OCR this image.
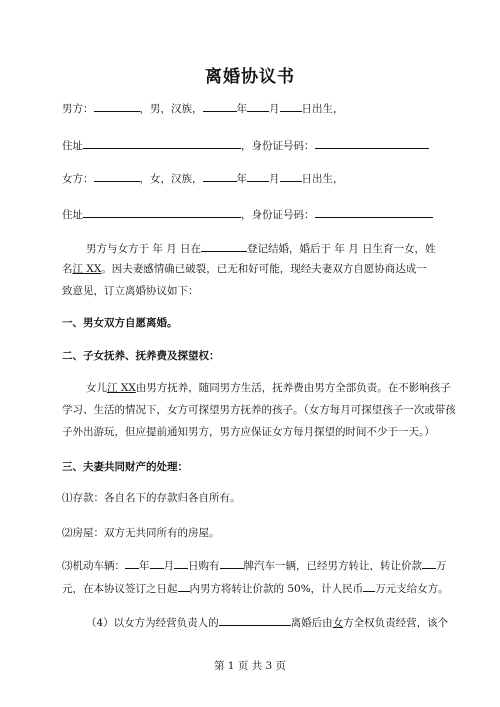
离婚协议书
男方：	，男，汉族，	年 月 日出生，
住址	，身份证号码：
女方：	，女，汉族，	年 月 日出生，
住址	，身份证号码：
男方与女方于 年 月 日在	登记结婚，婚后于 年 月 日生育一女，姓
名江 XX。因夫妻感情确已破裂，已无和好可能，现经夫妻双方自愿协商达成一
致意见，订立离婚协议如下：
一、男女双方自愿离婚。
二、子女抚养、抚养费及探望权：
女儿江 XX由男方抚养，随同男方生活，抚养费由男方全部负责。在不影响孩子
学习、生活的情况下，女方可探望男方抚养的孩子。（女方每月可探望孩子一次或带孩
子外出游玩，但应提前通知男方，男方应保证女方每月探望的时间不少于一天。）
三、夫妻共同财产的处理：
⑴存款：各自名下的存款归各自所有。
⑵房屋：双方无共同所有的房屋。
⑶机动车辆： 年 月 日购有 牌汽车一辆，已经男方转让，转让价款 万
元，在本协议签订之日起 内男方将转让价款的 50%，计人民币 万元支给女方。
（4）以女方为经营负责人的	离婚后由女方全权负责经营，该个
第 1 页 共 3 页
